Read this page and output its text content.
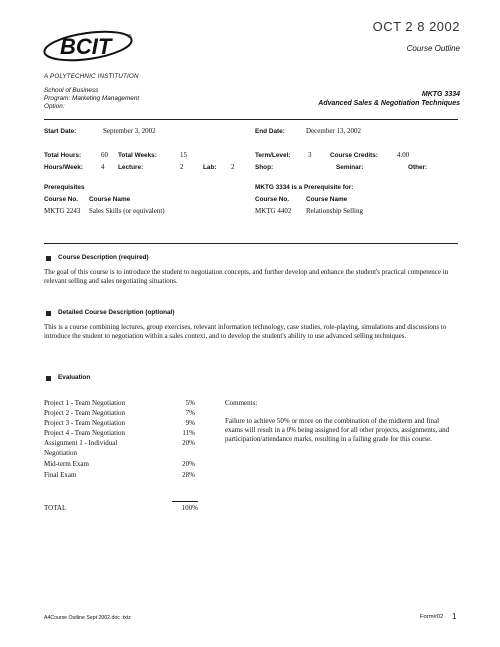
OCT 2 8 2002
Course Outline
BCIT	®
A POLYTECHNIC INSTITUTION
School of Business
Program: Marketing Management
Option:
MKTG 3334
Advanced Sales & Negotiation Techniques
Start Date:	September 3, 2002	End Date:	December 13, 2002
Total Hours:	60 Total Weeks:	15	Term/Level:	3	Course Credits:	4.00
Hours/Week:	4 Lecture:	2	Lab: 2	Shop:	Seminar:	Other:
Prerequisites
Course No. Course Name
MKTG 2243 Sales Skills (or equivalent)
MKTG 3334 is a Prerequisite for:
Course No.	Course Name
MKTG 4402 Relationship Selling
Course Description (required)
The goal of this course is to introduce the student to negotiation concepts, and further develop and enhance the student's practical competence in relevant selling and sales negotiating situations.
Detailed Course Description (optional)
This is a course combining lectures, group exercises, relevant information technology, case studies, role-playing, simulations and discussions to introduce the student to negotiation within a sales context, and to develop the student's ability to use advanced selling techniques.
Evaluation
Project 1 - Team Negotiation	5%
Project 2 - Team Negotiation	7%
Project 3 - Team Negotiation	9%
Project 4 - Team Negotiation	11%
Assignment 1 - Individual	20%
Negotiation
Mid-term Exam	20%
Final Exam	28%
TOTAL	100%
Comments:
Failure to achieve 50% or more on the combination of the midterm and final exams will result in a 0% being assigned for all other projects, assignments, and participation/attendance marks, resulting in a failing grade for this course.
A4Course Outline Sept 2002.doc .txtz	Form#02 1
